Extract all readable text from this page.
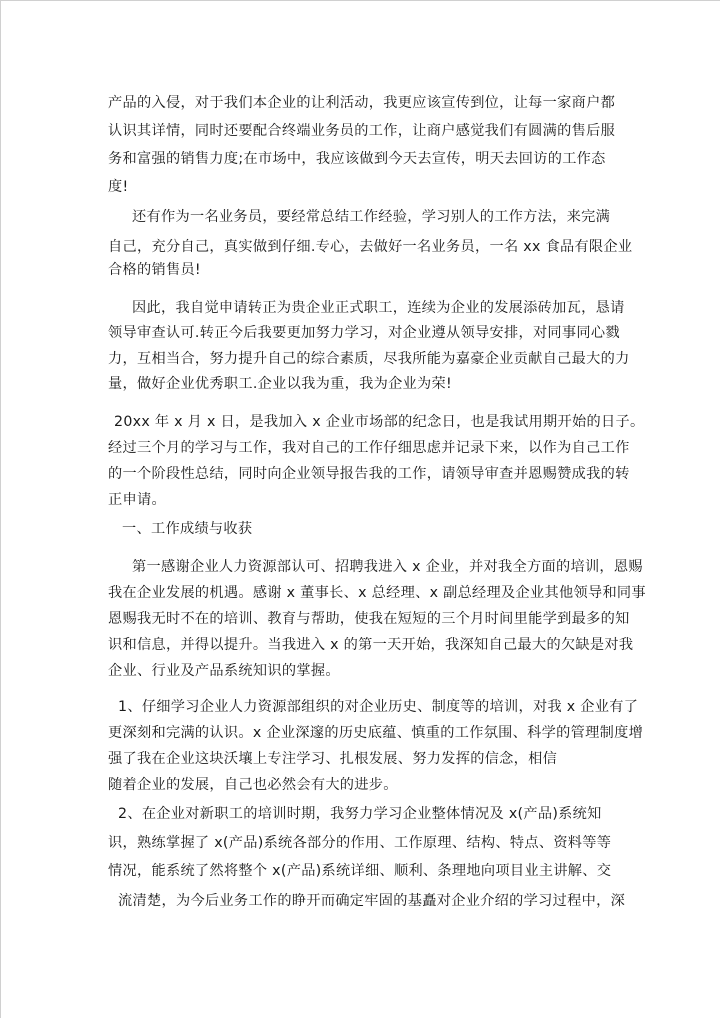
产品的入侵，对于我们本企业的让利活动，我更应该宣传到位，让每一家商户都

认识其详情，同时还要配合终端业务员的工作，让商户感觉我们有圆满的售后服

务和富强的销售力度;在市场中，我应该做到今天去宣传，明天去回访的工作态

度!

还有作为一名业务员，要经常总结工作经验，学习别人的工作方法，来完满

自己，充分自己，真实做到仔细.专心，去做好一名业务员，一名 xx 食品有限企业

合格的销售员!

因此，我自觉申请转正为贵企业正式职工，连续为企业的发展添砖加瓦，恳请

领导审查认可.转正今后我要更加努力学习，对企业遵从领导安排，对同事同心戮

力，互相当合，努力提升自己的综合素质，尽我所能为嘉豪企业贡献自己最大的力

量，做好企业优秀职工.企业以我为重，我为企业为荣!

20xx 年 x 月 x 日，是我加入 x 企业市场部的纪念日，也是我试用期开始的日子。

经过三个月的学习与工作，我对自己的工作仔细思虑并记录下来，以作为自己工作

的一个阶段性总结，同时向企业领导报告我的工作，请领导审查并恩赐赞成我的转

正申请。

一、工作成绩与收获

第一感谢企业人力资源部认可、招聘我进入 x 企业，并对我全方面的培训，恩赐

我在企业发展的机遇。感谢 x 董事长、x 总经理、x 副总经理及企业其他领导和同事

恩赐我无时不在的培训、教育与帮助，使我在短短的三个月时间里能学到最多的知

识和信息，并得以提升。当我进入 x 的第一天开始，我深知自己最大的欠缺是对我

企业、行业及产品系统知识的掌握。

1、仔细学习企业人力资源部组织的对企业历史、制度等的培训，对我 x 企业有了

更深刻和完满的认识。x 企业深邃的历史底蕴、慎重的工作氛围、科学的管理制度增

强了我在企业这块沃壤上专注学习、扎根发展、努力发挥的信念，相信

随着企业的发展，自己也必然会有大的进步。

2、在企业对新职工的培训时期，我努力学习企业整体情况及 x(产品)系统知

识，熟练掌握了 x(产品)系统各部分的作用、工作原理、结构、特点、资料等等

情况，能系统了然将整个 x(产品)系统详细、顺利、条理地向项目业主讲解、交

流清楚，为今后业务工作的睁开而确定牢固的基矗对企业介绍的学习过程中，深
